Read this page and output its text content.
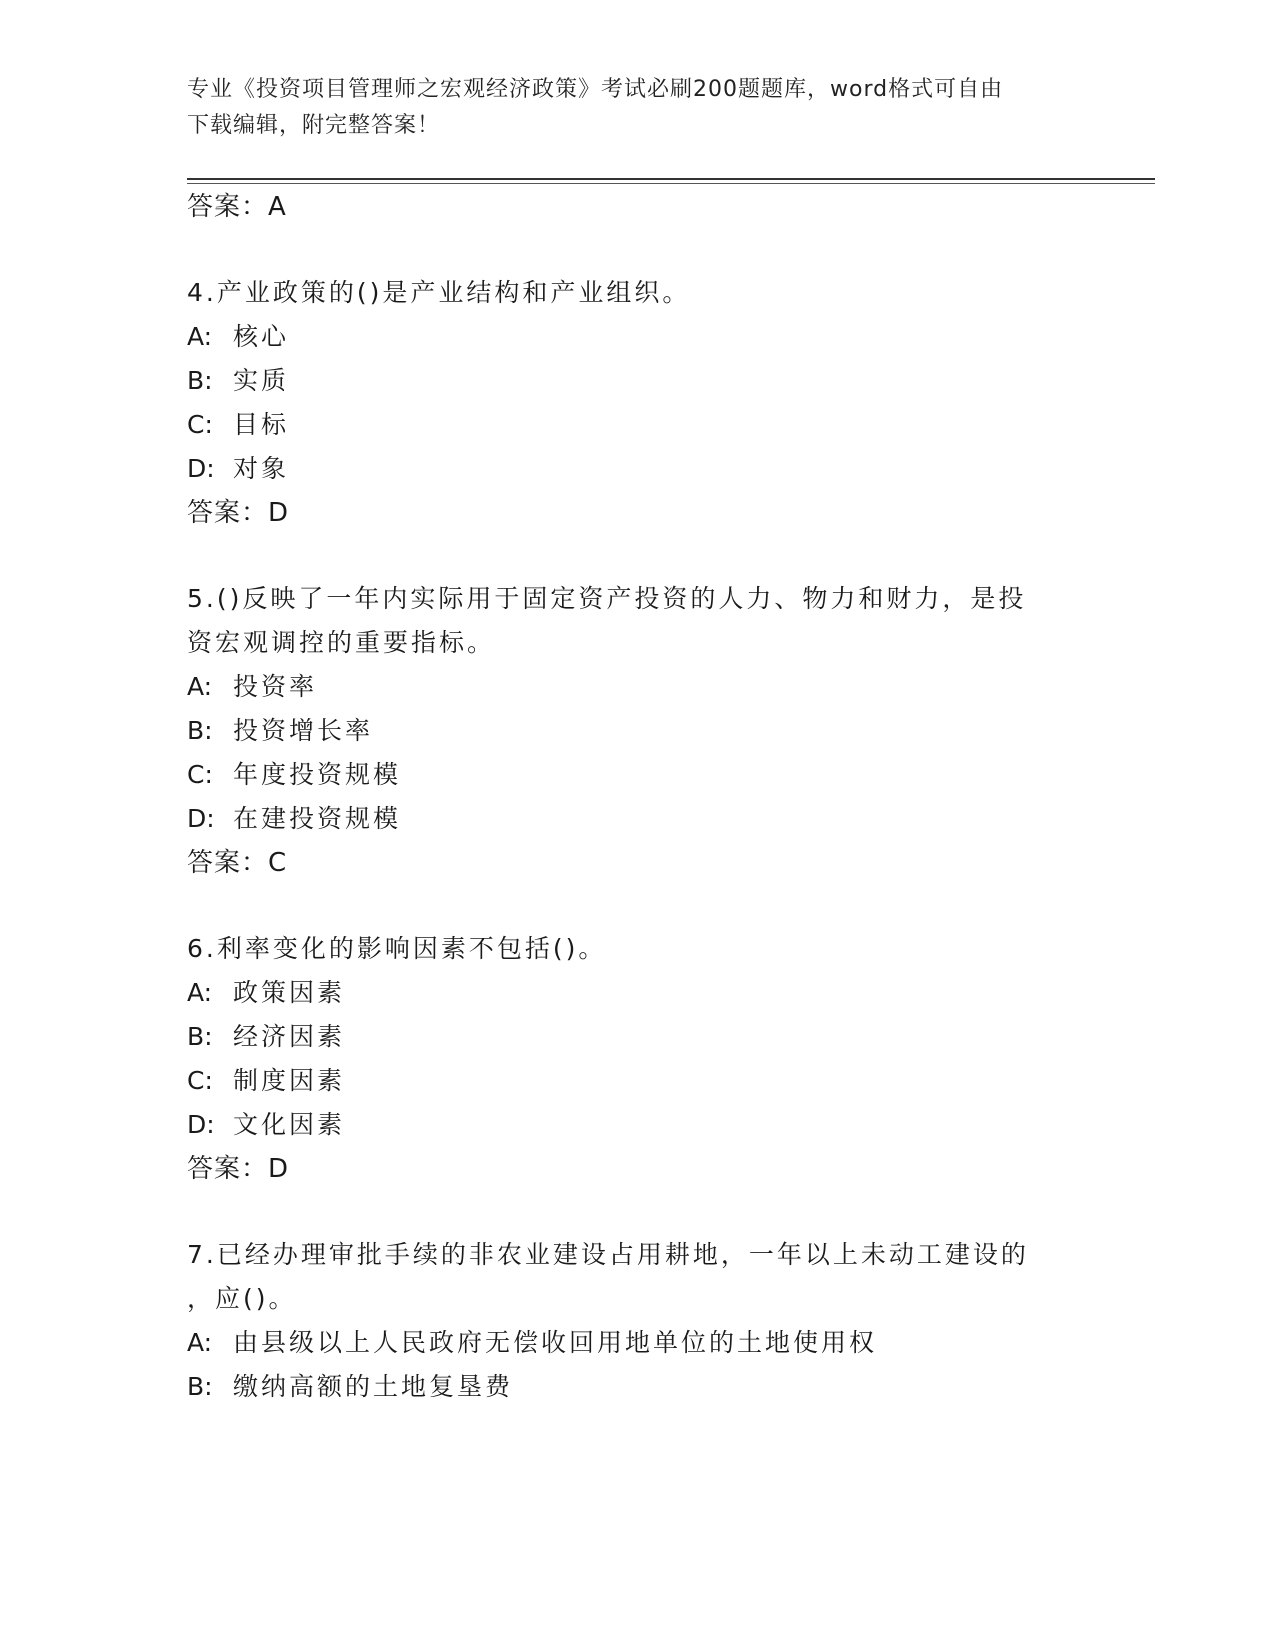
专业《投资项目管理师之宏观经济政策》考试必刷200题题库，word格式可自由
下载编辑，附完整答案！
答案：A
4.产业政策的()是产业结构和产业组织。
A: 核心
B: 实质
C: 目标
D: 对象
答案：D
5.()反映了一年内实际用于固定资产投资的人力、物力和财力，是投
资宏观调控的重要指标。
A: 投资率
B: 投资增长率
C: 年度投资规模
D: 在建投资规模
答案：C
6.利率变化的影响因素不包括()。
A: 政策因素
B: 经济因素
C: 制度因素
D: 文化因素
答案：D
7.已经办理审批手续的非农业建设占用耕地，一年以上未动工建设的
，应()。
A: 由县级以上人民政府无偿收回用地单位的土地使用权
B: 缴纳高额的土地复垦费
